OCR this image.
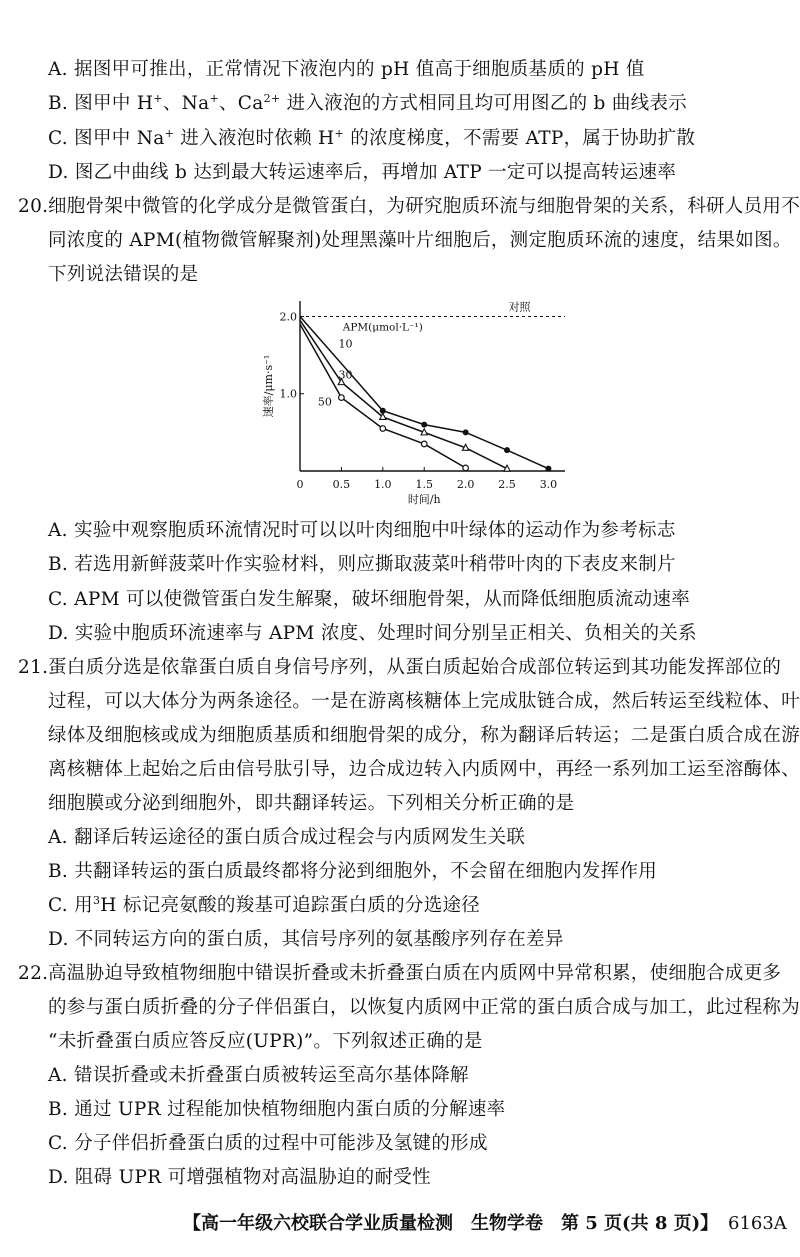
A. 据图甲可推出，正常情况下液泡内的 pH 值高于细胞质基质的 pH 值
B. 图甲中 H+、Na+、$Ca^{2+}$ 进入液泡的方式相同且均可用图乙的 b 曲线表示
C. 图甲中 Na+ 进入液泡时依赖 H+ 的浓度梯度，不需要 ATP，属于协助扩散
D. 图乙中曲线 b 达到最大转运速率后，再增加 ATP 一定可以提高转运速率
20.细胞骨架中微管的化学成分是微管蛋白，为研究胞质环流与细胞骨架的关系，科研人员用不
同浓度的 APM(植物微管解聚剂)处理黑藻叶片细胞后，测定胞质环流的速度，结果如图。
下列说法错误的是
0	0.5 1.0 1.5 2.0 2.5 3.0
1.0
2.0
时间/h
速率/μm·s⁻¹
对照
APM(μmol·L⁻¹)
10
30
50
A. 实验中观察胞质环流情况时可以以叶肉细胞中叶绿体的运动作为参考标志
B. 若选用新鲜菠菜叶作实验材料，则应撕取菠菜叶稍带叶肉的下表皮来制片
C. APM 可以使微管蛋白发生解聚，破坏细胞骨架，从而降低细胞质流动速率
D. 实验中胞质环流速率与 APM 浓度、处理时间分别呈正相关、负相关的关系
21.蛋白质分选是依靠蛋白质自身信号序列，从蛋白质起始合成部位转运到其功能发挥部位的
过程，可以大体分为两条途径。一是在游离核糖体上完成肽链合成，然后转运至线粒体、叶
绿体及细胞核或成为细胞质基质和细胞骨架的成分，称为翻译后转运；二是蛋白质合成在游
离核糖体上起始之后由信号肽引导，边合成边转入内质网中，再经一系列加工运至溶酶体、
细胞膜或分泌到细胞外，即共翻译转运。下列相关分析正确的是
A. 翻译后转运途径的蛋白质合成过程会与内质网发生关联
B. 共翻译转运的蛋白质最终都将分泌到细胞外，不会留在细胞内发挥作用
C. 用$^3$H 标记亮氨酸的羧基可追踪蛋白质的分选途径
D. 不同转运方向的蛋白质，其信号序列的氨基酸序列存在差异
22.高温胁迫导致植物细胞中错误折叠或未折叠蛋白质在内质网中异常积累，使细胞合成更多
的参与蛋白质折叠的分子伴侣蛋白，以恢复内质网中正常的蛋白质合成与加工，此过程称为
“未折叠蛋白质应答反应(UPR)”。下列叙述正确的是
A. 错误折叠或未折叠蛋白质被转运至高尔基体降解
B. 通过 UPR 过程能加快植物细胞内蛋白质的分解速率
C. 分子伴侣折叠蛋白质的过程中可能涉及氢键的形成
D. 阻碍 UPR 可增强植物对高温胁迫的耐受性
【高一年级六校联合学业质量检测　生物学卷　第 5 页(共 8 页)】 6163A
